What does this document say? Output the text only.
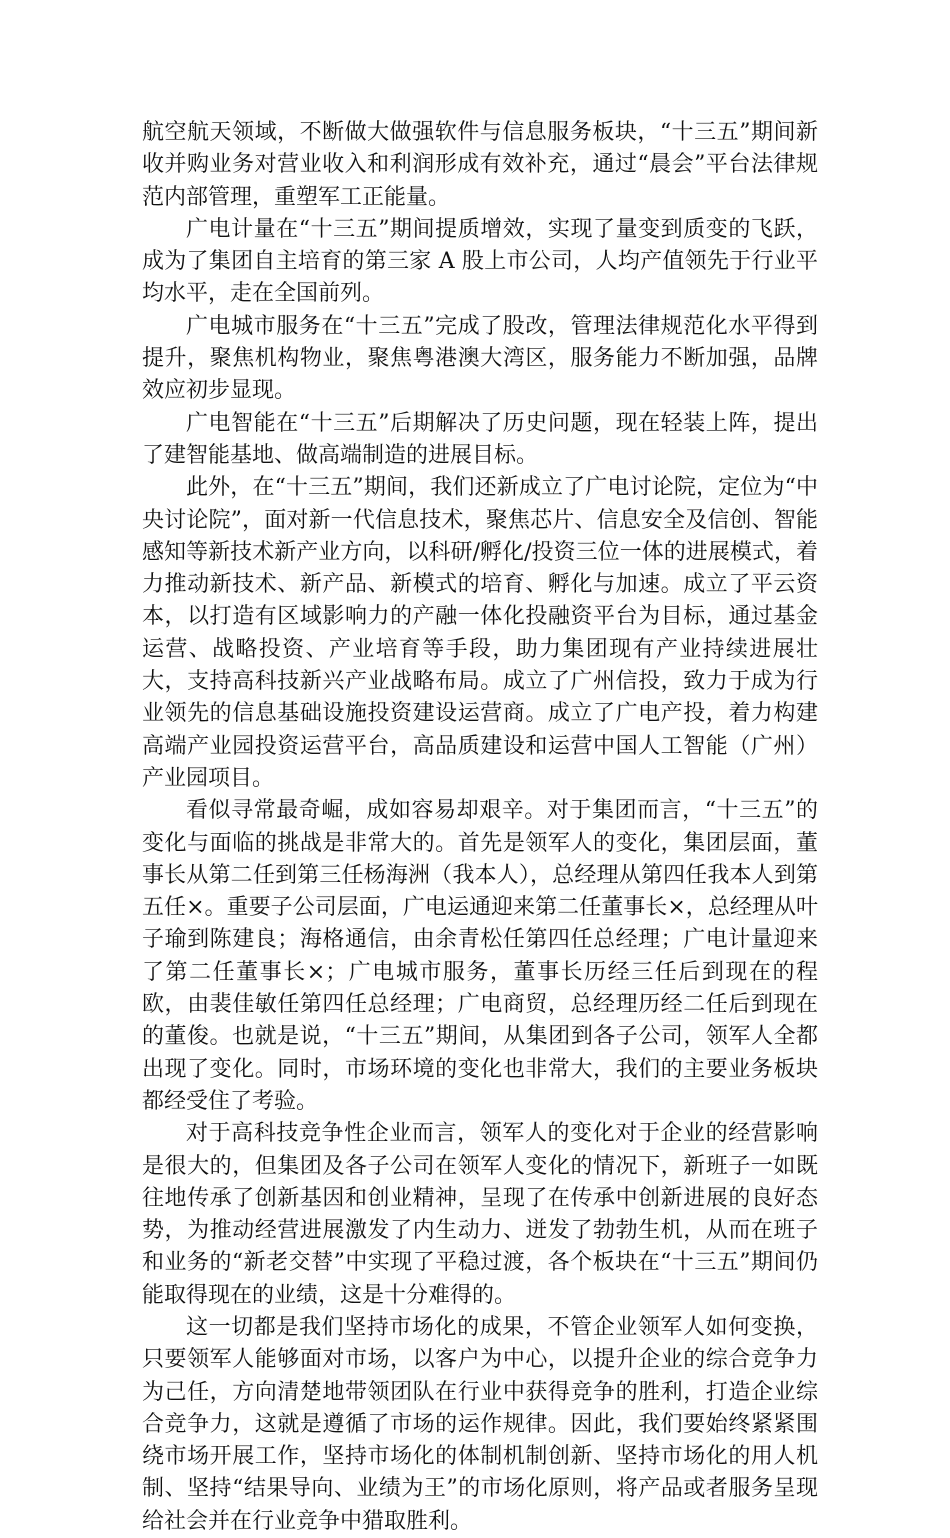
航空航天领域，不断做大做强软件与信息服务板块，“十三五”期间新收并购业务对营业收入和利润形成有效补充，通过“晨会”平台法律规范内部管理，重塑军工正能量。

广电计量在“十三五”期间提质增效，实现了量变到质变的飞跃，成为了集团自主培育的第三家 A 股上市公司，人均产值领先于行业平均水平，走在全国前列。

广电城市服务在“十三五”完成了股改，管理法律规范化水平得到提升，聚焦机构物业，聚焦粤港澳大湾区，服务能力不断加强，品牌效应初步显现。

广电智能在“十三五”后期解决了历史问题，现在轻装上阵，提出了建智能基地、做高端制造的进展目标。

此外，在“十三五”期间，我们还新成立了广电讨论院，定位为“中央讨论院”，面对新一代信息技术，聚焦芯片、信息安全及信创、智能感知等新技术新产业方向，以科研/孵化/投资三位一体的进展模式，着力推动新技术、新产品、新模式的培育、孵化与加速。成立了平云资本，以打造有区域影响力的产融一体化投融资平台为目标，通过基金运营、战略投资、产业培育等手段，助力集团现有产业持续进展壮大，支持高科技新兴产业战略布局。成立了广州信投，致力于成为行业领先的信息基础设施投资建设运营商。成立了广电产投，着力构建高端产业园投资运营平台，高品质建设和运营中国人工智能（广州）产业园项目。

看似寻常最奇崛，成如容易却艰辛。对于集团而言，“十三五”的变化与面临的挑战是非常大的。首先是领军人的变化，集团层面，董事长从第二任到第三任杨海洲（我本人），总经理从第四任我本人到第五任×。重要子公司层面，广电运通迎来第二任董事长×，总经理从叶子瑜到陈建良；海格通信，由余青松任第四任总经理；广电计量迎来了第二任董事长×；广电城市服务，董事长历经三任后到现在的程欧，由裴佳敏任第四任总经理；广电商贸，总经理历经二任后到现在的董俊。也就是说，“十三五”期间，从集团到各子公司，领军人全都出现了变化。同时，市场环境的变化也非常大，我们的主要业务板块都经受住了考验。

对于高科技竞争性企业而言，领军人的变化对于企业的经营影响是很大的，但集团及各子公司在领军人变化的情况下，新班子一如既往地传承了创新基因和创业精神，呈现了在传承中创新进展的良好态势，为推动经营进展激发了内生动力、迸发了勃勃生机，从而在班子和业务的“新老交替”中实现了平稳过渡，各个板块在“十三五”期间仍能取得现在的业绩，这是十分难得的。

这一切都是我们坚持市场化的成果，不管企业领军人如何变换，只要领军人能够面对市场，以客户为中心，以提升企业的综合竞争力为己任，方向清楚地带领团队在行业中获得竞争的胜利，打造企业综合竞争力，这就是遵循了市场的运作规律。因此，我们要始终紧紧围绕市场开展工作，坚持市场化的体制机制创新、坚持市场化的用人机制、坚持“结果导向、业绩为王”的市场化原则，将产品或者服务呈现给社会并在行业竞争中猎取胜利。
